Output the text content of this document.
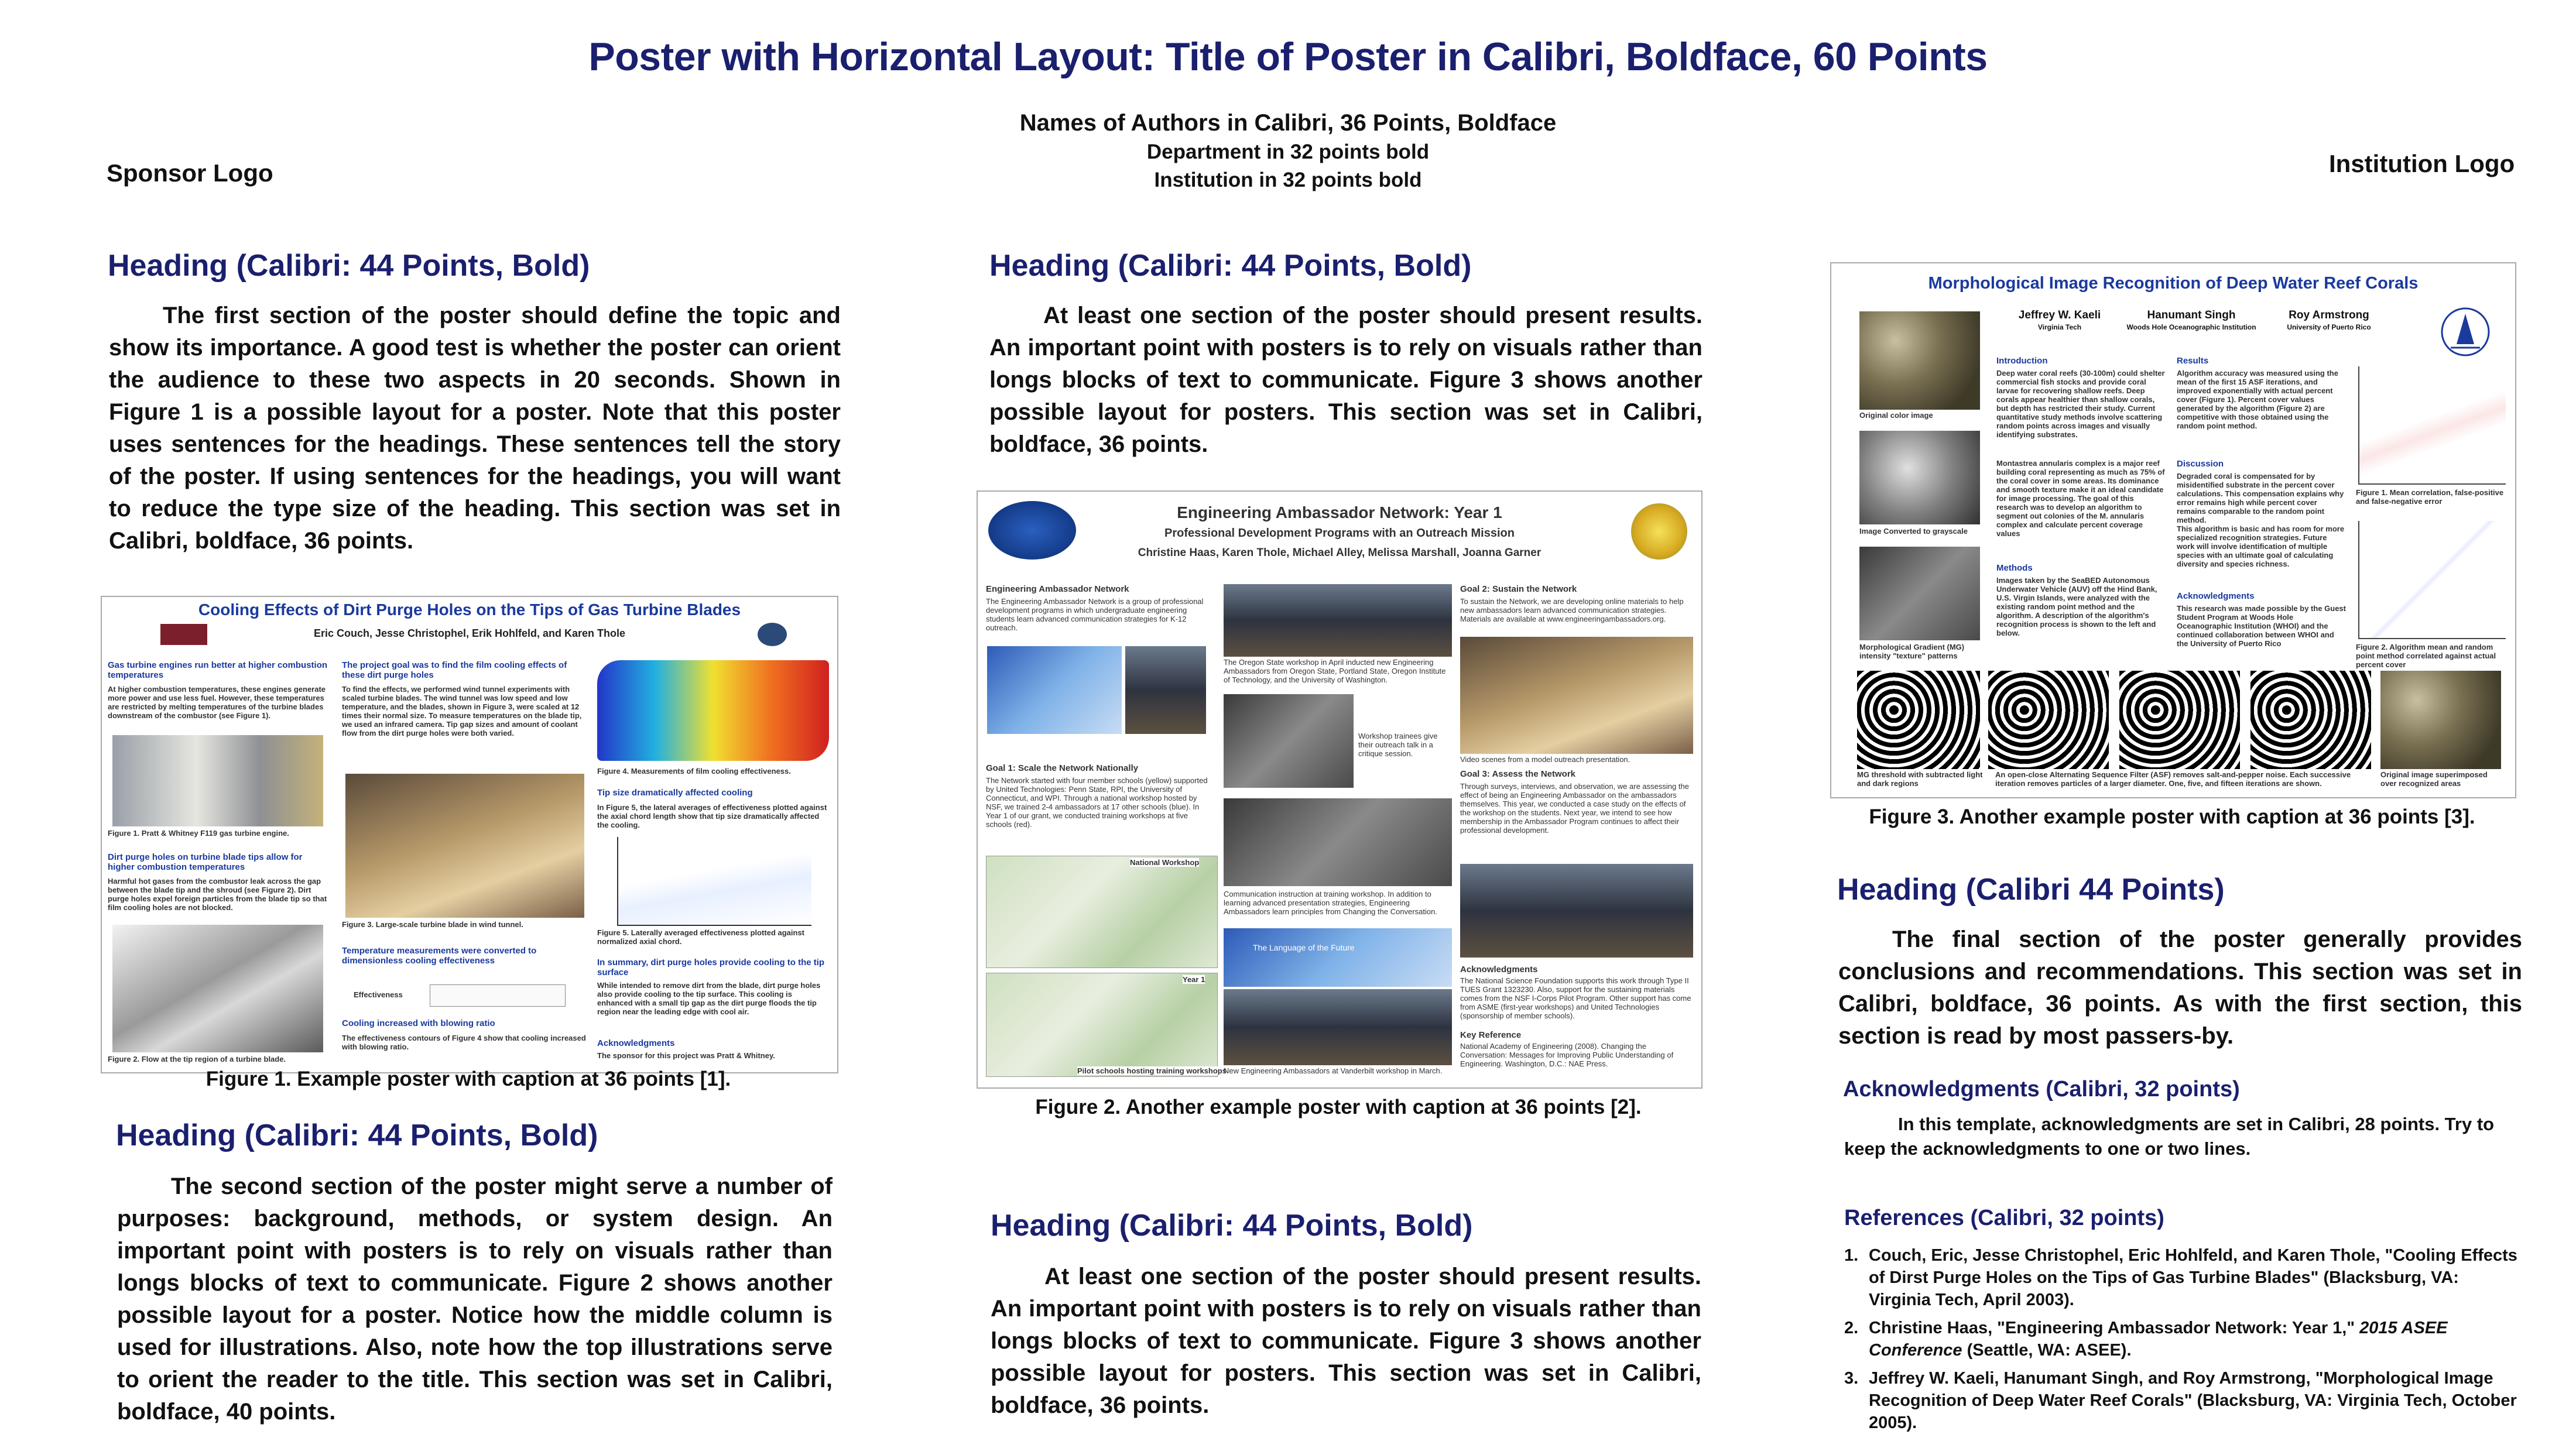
Poster with Horizontal Layout: Title of Poster in Calibri, Boldface, 60 Points
Names of Authors in Calibri, 36 Points, Boldface
Department in 32 points bold
Institution in 32 points bold
Sponsor Logo	Institution Logo
Heading (Calibri: 44 Points, Bold)
The first section of the poster should define the topic and show its importance. A good test is whether the poster can orient the audience to these two aspects in 20 seconds. Shown in Figure 1 is a possible layout for a poster. Note that this poster uses sentences for the headings. These sentences tell the story of the poster. If using sentences for the headings, you will want to reduce the type size of the heading. This section was set in Calibri, boldface, 36 points.
Cooling Effects of Dirt Purge Holes on the Tips of Gas Turbine Blades
Eric Couch, Jesse Christophel, Erik Hohlfeld, and Karen Thole
Gas turbine engines run better at higher combustion temperatures
At higher combustion temperatures, these engines generate more power and use less fuel. However, these temperatures are restricted by melting temperatures of the turbine blades downstream of the combustor (see Figure 1).
Figure 1. Pratt & Whitney F119 gas turbine engine.
Dirt purge holes on turbine blade tips allow for higher combustion temperatures
Harmful hot gases from the combustor leak across the gap between the blade tip and the shroud (see Figure 2). Dirt purge holes expel foreign particles from the blade tip so that film cooling holes are not blocked.
Figure 2. Flow at the tip region of a turbine blade.
The project goal was to find the film cooling effects of these dirt purge holes
To find the effects, we performed wind tunnel experiments with scaled turbine blades. The wind tunnel was low speed and low temperature, and the blades, shown in Figure 3, were scaled at 12 times their normal size. To measure temperatures on the blade tip, we used an infrared camera. Tip gap sizes and amount of coolant flow from the dirt purge holes were both varied.
Figure 3. Large-scale turbine blade in wind tunnel.
Temperature measurements were converted to dimensionless cooling effectiveness
Effectiveness
Cooling increased with blowing ratio
The effectiveness contours of Figure 4 show that cooling increased with blowing ratio.
Figure 4. Measurements of film cooling effectiveness.
Tip size dramatically affected cooling
In Figure 5, the lateral averages of effectiveness plotted against the axial chord length show that tip size dramatically affected the cooling.
Figure 5. Laterally averaged effectiveness plotted against normalized axial chord.
In summary, dirt purge holes provide cooling to the tip surface
While intended to remove dirt from the blade, dirt purge holes also provide cooling to the tip surface. This cooling is enhanced with a small tip gap as the dirt purge floods the tip region near the leading edge with cool air.
Acknowledgments
The sponsor for this project was Pratt & Whitney.
Figure 1. Example poster with caption at 36 points [1].
Heading (Calibri: 44 Points, Bold)
The second section of the poster might serve a number of purposes: background, methods, or system design. An important point with posters is to rely on visuals rather than longs blocks of text to communicate. Figure 2 shows another possible layout for a poster. Notice how the middle column is used for illustrations. Also, note how the top illustrations serve to orient the reader to the title. This section was set in Calibri, boldface, 40 points.
Heading (Calibri: 44 Points, Bold)
At least one section of the poster should present results. An important point with posters is to rely on visuals rather than longs blocks of text to communicate. Figure 3 shows another possible layout for posters. This section was set in Calibri, boldface, 36 points.
Engineering Ambassador Network: Year 1
Professional Development Programs with an Outreach Mission
Christine Haas, Karen Thole, Michael Alley, Melissa Marshall, Joanna Garner
Engineering Ambassador Network
The Engineering Ambassador Network is a group of professional development programs in which undergraduate engineering students learn advanced communication strategies for K-12 outreach.
Goal 1: Scale the Network Nationally
The Network started with four member schools (yellow) supported by United Technologies: Penn State, RPI, the University of Connecticut, and WPI. Through a national workshop hosted by NSF, we trained 2-4 ambassadors at 17 other schools (blue). In Year 1 of our grant, we conducted training workshops at five schools (red).
National Workshop
Year 1
Pilot schools hosting training workshops
The Oregon State workshop in April inducted new Engineering Ambassadors from Oregon State, Portland State, Oregon Institute of Technology, and the University of Washington.
Workshop trainees give their outreach talk in a critique session.
Communication instruction at training workshop. In addition to learning advanced presentation strategies, Engineering Ambassadors learn principles from Changing the Conversation.
The Language of the Future
New Engineering Ambassadors at Vanderbilt workshop in March.
Goal 2: Sustain the Network
To sustain the Network, we are developing online materials to help new ambassadors learn advanced communication strategies. Materials are available at www.engineeringambassadors.org.
Video scenes from a model outreach presentation.
Goal 3: Assess the Network
Through surveys, interviews, and observation, we are assessing the effect of being an Engineering Ambassador on the ambassadors themselves. This year, we conducted a case study on the effects of the workshop on the students. Next year, we intend to see how membership in the Ambassador Program continues to affect their professional development.
Acknowledgments
The National Science Foundation supports this work through Type II TUES Grant 1323230. Also, support for the sustaining materials comes from the NSF I-Corps Pilot Program. Other support has come from ASME (first-year workshops) and United Technologies (sponsorship of member schools).
Key Reference
National Academy of Engineering (2008). Changing the Conversation: Messages for Improving Public Understanding of Engineering. Washington, D.C.: NAE Press.
Figure 2. Another example poster with caption at 36 points [2].
Heading (Calibri: 44 Points, Bold)
At least one section of the poster should present results. An important point with posters is to rely on visuals rather than longs blocks of text to communicate. Figure 3 shows another possible layout for posters. This section was set in Calibri, boldface, 36 points.
Morphological Image Recognition of Deep Water Reef Corals
Jeffrey W. Kaeli
Virginia Tech
Hanumant Singh
Woods Hole Oceanographic Institution
Roy Armstrong
University of Puerto Rico
Original color image
Image Converted to grayscale
Morphological Gradient (MG) intensity "texture" patterns
Introduction
Deep water coral reefs (30-100m) could shelter commercial fish stocks and provide coral larvae for recovering shallow reefs. Deep corals appear healthier than shallow corals, but depth has restricted their study. Current quantitative study methods involve scattering random points across images and visually identifying substrates.
Montastrea annularis complex is a major reef building coral representing as much as 75% of the coral cover in some areas. Its dominance and smooth texture make it an ideal candidate for image processing. The goal of this research was to develop an algorithm to segment out colonies of the M. annularis complex and calculate percent coverage values
Methods
Images taken by the SeaBED Autonomous Underwater Vehicle (AUV) off the Hind Bank, U.S. Virgin Islands, were analyzed with the existing random point method and the algorithm. A description of the algorithm's recognition process is shown to the left and below.
Results
Algorithm accuracy was measured using the mean of the first 15 ASF iterations, and improved exponentially with actual percent cover (Figure 1). Percent cover values generated by the algorithm (Figure 2) are competitive with those obtained using the random point method.
Discussion
Degraded coral is compensated for by misidentified substrate in the percent cover calculations. This compensation explains why error remains high while percent cover remains comparable to the random point method.
This algorithm is basic and has room for more specialized recognition strategies. Future work will involve identification of multiple species with an ultimate goal of calculating diversity and species richness.
Acknowledgments
This research was made possible by the Guest Student Program at Woods Hole Oceanographic Institution (WHOI) and the continued collaboration between WHOI and the University of Puerto Rico
Figure 1. Mean correlation, false-positive and false-negative error
Figure 2. Algorithm mean and random point method correlated against actual percent cover
MG threshold with subtracted light and dark regions
An open-close Alternating Sequence Filter (ASF) removes salt-and-pepper noise. Each successive iteration removes particles of a larger diameter. One, five, and fifteen iterations are shown.
Original image superimposed over recognized areas
Figure 3. Another example poster with caption at 36 points [3].
Heading (Calibri 44 Points)
The final section of the poster generally provides conclusions and recommendations. This section was set in Calibri, boldface, 36 points. As with the first section, this section is read by most passers-by.
Acknowledgments (Calibri, 32 points)
In this template, acknowledgments are set in Calibri, 28 points. Try to keep the acknowledgments to one or two lines.
References (Calibri, 32 points)
1. Couch, Eric, Jesse Christophel, Eric Hohlfeld, and Karen Thole, "Cooling Effects of Dirst Purge Holes on the Tips of Gas Turbine Blades" (Blacksburg, VA: Virginia Tech, April 2003).
2. Christine Haas, "Engineering Ambassador Network: Year 1," 2015 ASEE Conference (Seattle, WA: ASEE).
3. Jeffrey W. Kaeli, Hanumant Singh, and Roy Armstrong, "Morphological Image Recognition of Deep Water Reef Corals" (Blacksburg, VA: Virginia Tech, October 2005).
